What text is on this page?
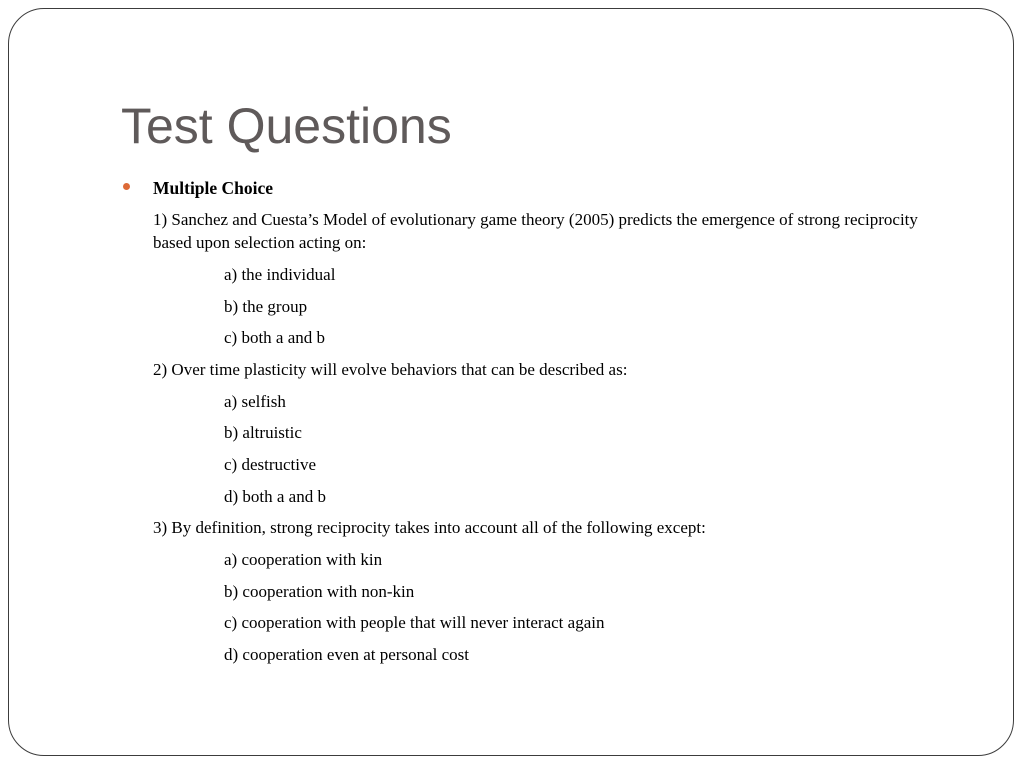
Test Questions
Multiple Choice
1) Sanchez and Cuesta’s Model of evolutionary game theory (2005) predicts the emergence of strong reciprocity based upon selection acting on:
a) the individual
b) the group
c) both a and b
2) Over time plasticity will evolve behaviors that can be described as:
a) selfish
b) altruistic
c) destructive
d) both a and b
3) By definition, strong reciprocity takes into account all of the following except:
a) cooperation with kin
b) cooperation with non-kin
c) cooperation with people that will never interact again
d) cooperation even at personal cost
